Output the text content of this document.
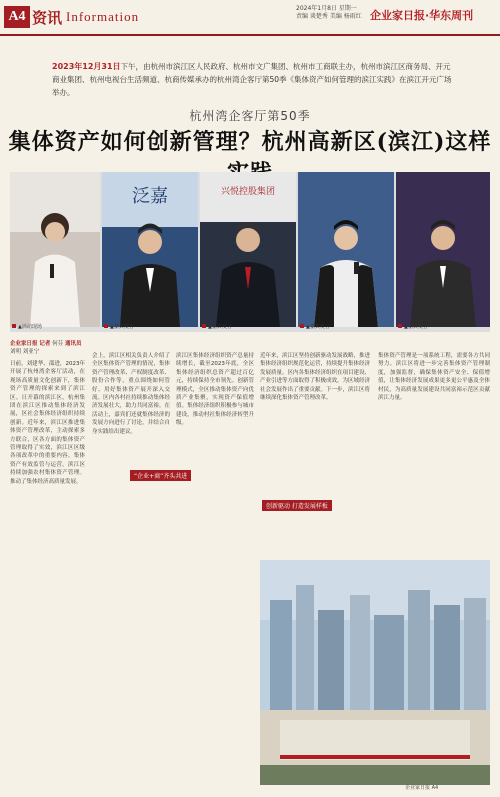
A4 资讯 Information
2024年1月8日 星期一
责编 谈楚秀 美编 杨雨红 企业家日报·华东周刊
2023年12月31日下午，由杭州市滨江区人民政府、杭州市文广集团、杭州市工商联主办，杭州市滨江区商务局、开元商业集团、杭州电视台生活频道、杭商传媒承办的杭州湾企客厅第50季《集体资产如何管理的滨江实践》在滨江开元广场举办。
杭州湾企客厅第50季
集体资产如何创新管理？杭州高新区(滨江)这样
泛嘉	兴悦控股集团
▲活动现场	▲嘉宾发言	▲嘉宾发言	▲嘉宾发言	▲嘉宾发言
企业家日报 记者 何芬 通讯员 刘明 刘亚宁
日前，刘建华、邵进，2023年开展了杭州湾企客厅活动，在现场高质量文化创新下，集体资产管理的探索来到了滨江区。日开幕的滨江区，杭州集团在滨江区推动集体经济发展，区社会集体经济组织持续创新。近年来，滨江区推进集体资产管理改革，主动探索多方联合，区各方面的集体资产管理取得了实效，滨江区区级各项改革中的重要内容。集体资产有效监管与运营，滨江区持续加强农村集体资产管理。推动了集体经济高质量发展。
“企业+商”齐头共进
会上，滨江区相关负责人介绍了全区集体资产管理的情况，集体资产管理改革、产权制度改革、股份合作等，重点围绕如何管好、用好集体资产展开深入交流。区内各村社持续推动集体经济发展壮大，助力共同富裕。在活动上，嘉宾们还就集体经济的发展方向进行了讨论，并结合自身实践给出建议。
滨江区集体经济组织资产总量持续增长，截至2023年底，全区集体经济组织总资产超过百亿元，持续保持全市领先。创新管理模式，全区推动集体资产向优质产业集聚，实现资产保值增值。集体经济组织积极参与城市建设，推动村社集体经济转型升级。
创新驱动 打造发展样板
近年来，滨江区坚持创新驱动发展战略，推进集体经济组织规范化运营，持续提升集体经济发展质量。区内各集体经济组织在项目建设、产业引进等方面取得了积极成效，为区域经济社会发展作出了重要贡献。下一步，滨江区将继续深化集体资产管理改革。
集体资产管理是一项系统工程，需要各方共同努力。滨江区将进一步完善集体资产管理制度，加强监督，确保集体资产安全、保值增值，让集体经济发展成果更多更公平惠及全体村民，为高质量发展建设共同富裕示范区贡献滨江力量。
企业家日报 A4
